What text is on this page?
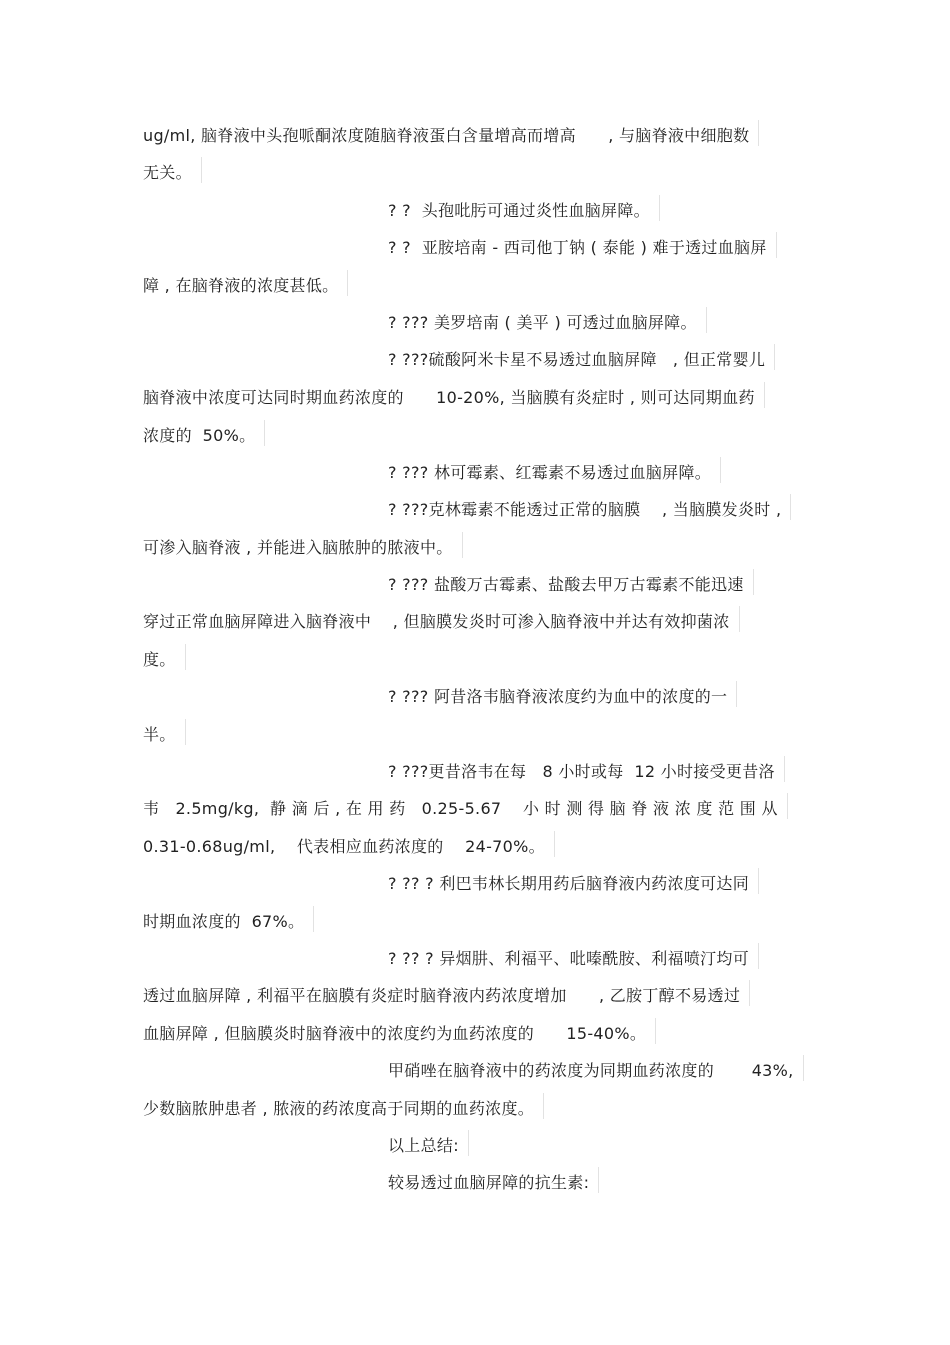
ug/ml, 脑脊液中头孢哌酮浓度随脑脊液蛋白含量增高而增高      , 与脑脊液中细胞数
无关。
? ?  头孢吡肟可通过炎性血脑屏障。
? ?  亚胺培南 - 西司他丁钠 ( 泰能 ) 难于透过血脑屏
障 , 在脑脊液的浓度甚低。
? ??? 美罗培南 ( 美平 ) 可透过血脑屏障。
? ???硫酸阿米卡星不易透过血脑屏障   , 但正常婴儿
脑脊液中浓度可达同时期血药浓度的      10-20%, 当脑膜有炎症时 , 则可达同期血药
浓度的  50%。
? ??? 林可霉素、红霉素不易透过血脑屏障。
? ???克林霉素不能透过正常的脑膜    , 当脑膜发炎时 ,
可渗入脑脊液 , 并能进入脑脓肿的脓液中。
? ??? 盐酸万古霉素、盐酸去甲万古霉素不能迅速
穿过正常血脑屏障进入脑脊液中    , 但脑膜发炎时可渗入脑脊液中并达有效抑菌浓
度。
? ??? 阿昔洛韦脑脊液浓度约为血中的浓度的一
半。
? ???更昔洛韦在每   8 小时或每  12 小时接受更昔洛
韦   2.5mg/kg,  静 滴 后 , 在 用 药   0.25-5.67    小 时 测 得 脑 脊 液 浓 度 范 围 从
0.31-0.68ug/ml,    代表相应血药浓度的    24-70%。
? ?? ? 利巴韦林长期用药后脑脊液内药浓度可达同
时期血浓度的  67%。
? ?? ? 异烟肼、利福平、吡嗪酰胺、利福喷汀均可
透过血脑屏障 , 利福平在脑膜有炎症时脑脊液内药浓度增加      , 乙胺丁醇不易透过
血脑屏障 , 但脑膜炎时脑脊液中的浓度约为血药浓度的      15-40%。
甲硝唑在脑脊液中的药浓度为同期血药浓度的       43%,
少数脑脓肿患者 , 脓液的药浓度高于同期的血药浓度。
以上总结:
较易透过血脑屏障的抗生素:
